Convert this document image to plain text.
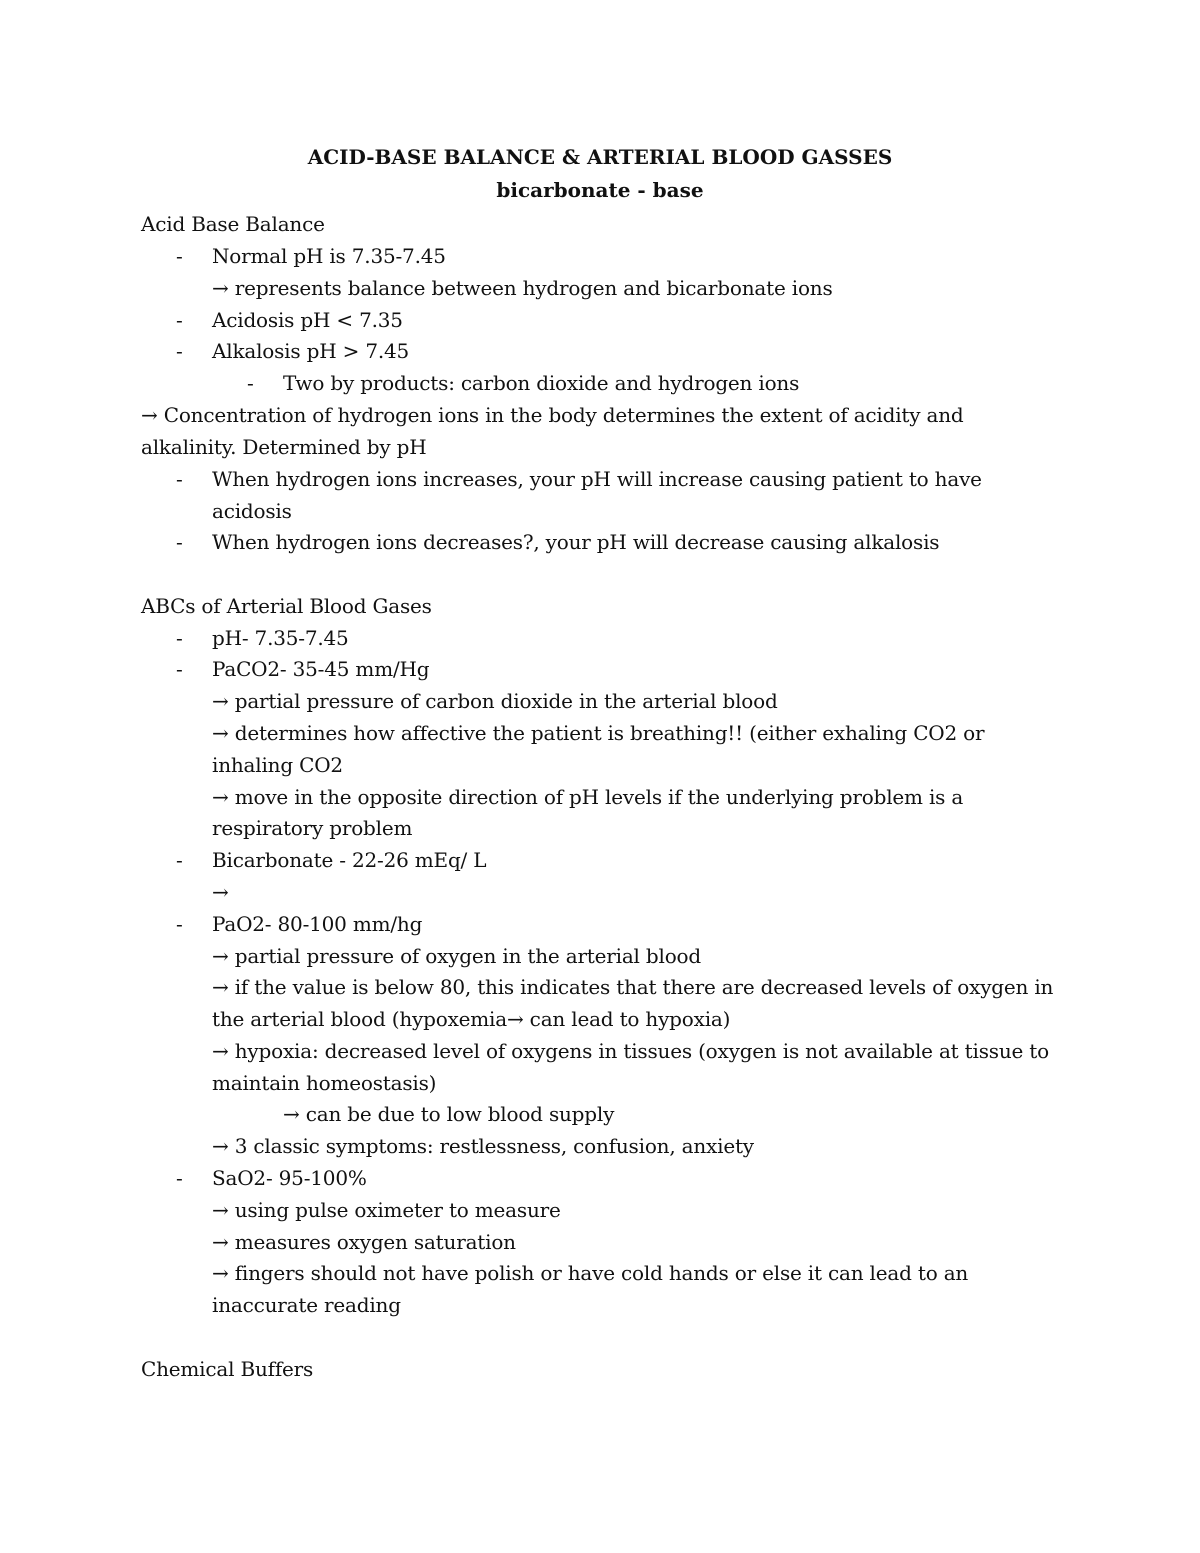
ACID-BASE BALANCE & ARTERIAL BLOOD GASSES
bicarbonate - base
Acid Base Balance
- Normal pH is 7.35-7.45
→ represents balance between hydrogen and bicarbonate ions
- Acidosis pH < 7.35
- Alkalosis pH > 7.45
- Two by products: carbon dioxide and hydrogen ions
→ Concentration of hydrogen ions in the body determines the extent of acidity and
alkalinity. Determined by pH
- When hydrogen ions increases, your pH will increase causing patient to have
acidosis
- When hydrogen ions decreases?, your pH will decrease causing alkalosis
ABCs of Arterial Blood Gases
- pH- 7.35-7.45
- PaCO2- 35-45 mm/Hg
→ partial pressure of carbon dioxide in the arterial blood
→ determines how affective the patient is breathing!! (either exhaling CO2 or
inhaling CO2
→ move in the opposite direction of pH levels if the underlying problem is a
respiratory problem
- Bicarbonate - 22-26 mEq/ L
→
- PaO2- 80-100 mm/hg
→ partial pressure of oxygen in the arterial blood
→ if the value is below 80, this indicates that there are decreased levels of oxygen in
the arterial blood (hypoxemia→ can lead to hypoxia)
→ hypoxia: decreased level of oxygens in tissues (oxygen is not available at tissue to
maintain homeostasis)
→ can be due to low blood supply
→ 3 classic symptoms: restlessness, confusion, anxiety
- SaO2- 95-100%
→ using pulse oximeter to measure
→ measures oxygen saturation
→ fingers should not have polish or have cold hands or else it can lead to an
inaccurate reading
Chemical Buffers
